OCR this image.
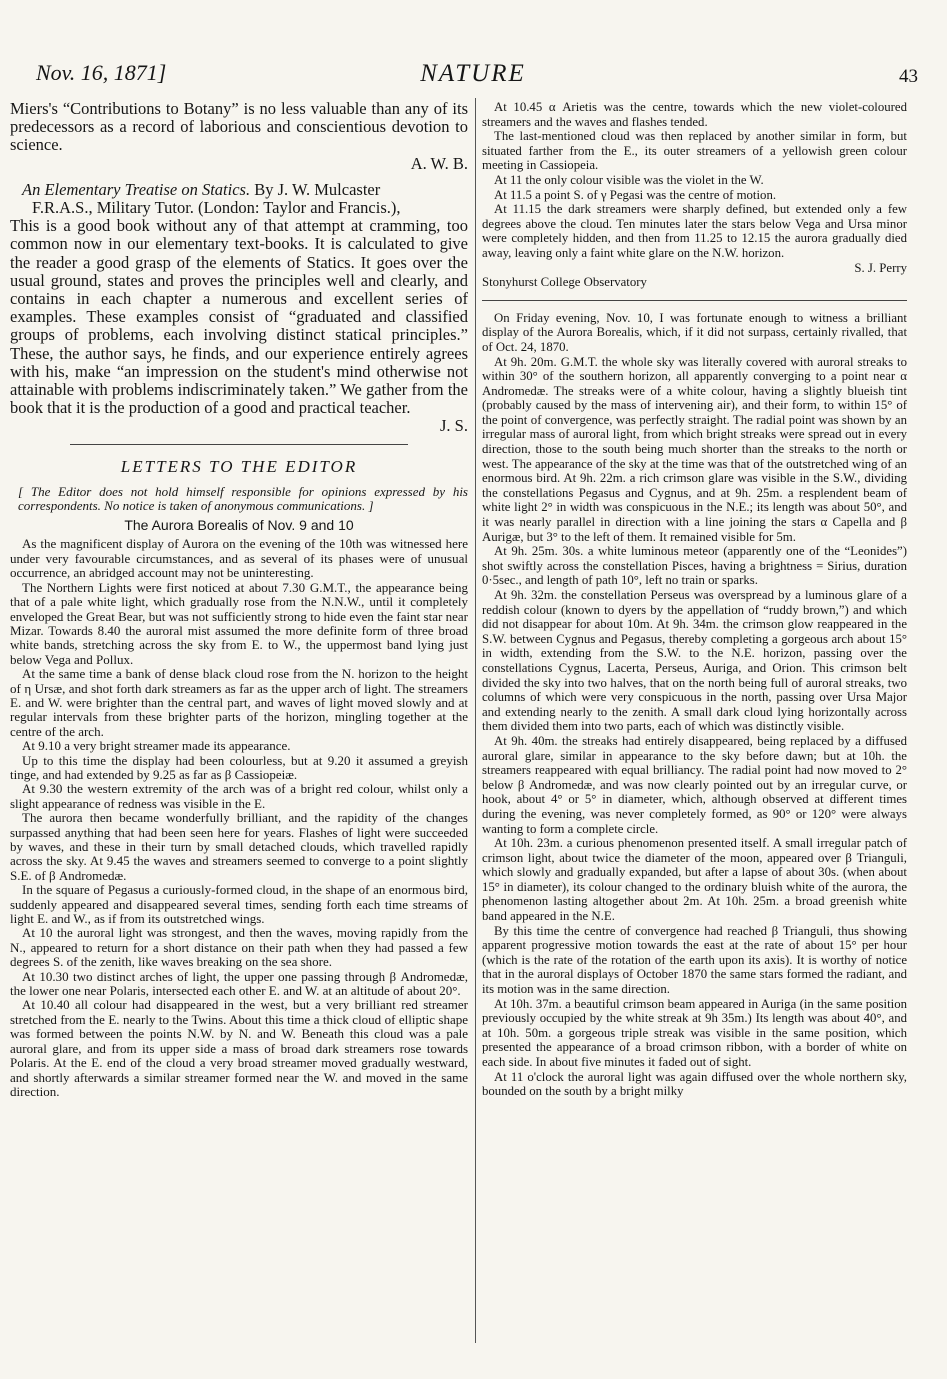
Nov. 16, 1871]	NATURE	43

Miers's “Contributions to Botany” is no less valuable than any of its predecessors as a record of laborious and conscientious devotion to science.

A. W. B.

An Elementary Treatise on Statics. By J. W. Mulcaster

F.R.A.S., Military Tutor. (London: Taylor and Francis.),

This is a good book without any of that attempt at cramming, too common now in our elementary text-books. It is calculated to give the reader a good grasp of the elements of Statics. It goes over the usual ground, states and proves the principles well and clearly, and contains in each chapter a numerous and excellent series of examples. These examples consist of “graduated and classified groups of problems, each involving distinct statical principles.” These, the author says, he finds, and our experience entirely agrees with his, make “an impression on the student's mind otherwise not attainable with problems indiscriminately taken.” We gather from the book that it is the production of a good and practical teacher.

J. S.

LETTERS TO THE EDITOR

[ The Editor does not hold himself responsible for opinions expressed by his correspondents. No notice is taken of anonymous communications. ]

The Aurora Borealis of Nov. 9 and 10

As the magnificent display of Aurora on the evening of the 10th was witnessed here under very favourable circumstances, and as several of its phases were of unusual occurrence, an abridged account may not be uninteresting.

The Northern Lights were first noticed at about 7.30 G.M.T., the appearance being that of a pale white light, which gradually rose from the N.N.W., until it completely enveloped the Great Bear, but was not sufficiently strong to hide even the faint star near Mizar. Towards 8.40 the auroral mist assumed the more definite form of three broad white bands, stretching across the sky from E. to W., the uppermost band lying just below Vega and Pollux.

At the same time a bank of dense black cloud rose from the N. horizon to the height of η Ursæ, and shot forth dark streamers as far as the upper arch of light. The streamers E. and W. were brighter than the central part, and waves of light moved slowly and at regular intervals from these brighter parts of the horizon, mingling together at the centre of the arch.

At 9.10 a very bright streamer made its appearance.

Up to this time the display had been colourless, but at 9.20 it assumed a greyish tinge, and had extended by 9.25 as far as β Cassiopeiæ.

At 9.30 the western extremity of the arch was of a bright red colour, whilst only a slight appearance of redness was visible in the E.

The aurora then became wonderfully brilliant, and the rapidity of the changes surpassed anything that had been seen here for years. Flashes of light were succeeded by waves, and these in their turn by small detached clouds, which travelled rapidly across the sky. At 9.45 the waves and streamers seemed to converge to a point slightly S.E. of β Andromedæ.

In the square of Pegasus a curiously-formed cloud, in the shape of an enormous bird, suddenly appeared and disappeared several times, sending forth each time streams of light E. and W., as if from its outstretched wings.

At 10 the auroral light was strongest, and then the waves, moving rapidly from the N., appeared to return for a short distance on their path when they had passed a few degrees S. of the zenith, like waves breaking on the sea shore.

At 10.30 two distinct arches of light, the upper one passing through β Andromedæ, the lower one near Polaris, intersected each other E. and W. at an altitude of about 20°.

At 10.40 all colour had disappeared in the west, but a very brilliant red streamer stretched from the E. nearly to the Twins. About this time a thick cloud of elliptic shape was formed between the points N.W. by N. and W. Beneath this cloud was a pale auroral glare, and from its upper side a mass of broad dark streamers rose towards Polaris. At the E. end of the cloud a very broad streamer moved gradually westward, and shortly afterwards a similar streamer formed near the W. and moved in the same direction.

At 10.45 α Arietis was the centre, towards which the new violet-coloured streamers and the waves and flashes tended.

The last-mentioned cloud was then replaced by another similar in form, but situated farther from the E., its outer streamers of a yellowish green colour meeting in Cassiopeia.

At 11 the only colour visible was the violet in the W.

At 11.5 a point S. of γ Pegasi was the centre of motion.

At 11.15 the dark streamers were sharply defined, but extended only a few degrees above the cloud. Ten minutes later the stars below Vega and Ursa minor were completely hidden, and then from 11.25 to 12.15 the aurora gradually died away, leaving only a faint white glare on the N.W. horizon.

S. J. Perry

Stonyhurst College Observatory

On Friday evening, Nov. 10, I was fortunate enough to witness a brilliant display of the Aurora Borealis, which, if it did not surpass, certainly rivalled, that of Oct. 24, 1870.

At 9h. 20m. G.M.T. the whole sky was literally covered with auroral streaks to within 30° of the southern horizon, all apparently converging to a point near α Andromedæ. The streaks were of a white colour, having a slightly blueish tint (probably caused by the mass of intervening air), and their form, to within 15° of the point of convergence, was perfectly straight. The radial point was shown by an irregular mass of auroral light, from which bright streaks were spread out in every direction, those to the south being much shorter than the streaks to the north or west. The appearance of the sky at the time was that of the outstretched wing of an enormous bird. At 9h. 22m. a rich crimson glare was visible in the S.W., dividing the constellations Pegasus and Cygnus, and at 9h. 25m. a resplendent beam of white light 2° in width was conspicuous in the N.E.; its length was about 50°, and it was nearly parallel in direction with a line joining the stars α Capella and β Aurigæ, but 3° to the left of them. It remained visible for 5m.

At 9h. 25m. 30s. a white luminous meteor (apparently one of the “Leonides”) shot swiftly across the constellation Pisces, having a brightness = Sirius, duration 0·5sec., and length of path 10°, left no train or sparks.

At 9h. 32m. the constellation Perseus was overspread by a luminous glare of a reddish colour (known to dyers by the appellation of “ruddy brown,”) and which did not disappear for about 10m. At 9h. 34m. the crimson glow reappeared in the S.W. between Cygnus and Pegasus, thereby completing a gorgeous arch about 15° in width, extending from the S.W. to the N.E. horizon, passing over the constellations Cygnus, Lacerta, Perseus, Auriga, and Orion. This crimson belt divided the sky into two halves, that on the north being full of auroral streaks, two columns of which were very conspicuous in the north, passing over Ursa Major and extending nearly to the zenith. A small dark cloud lying horizontally across them divided them into two parts, each of which was distinctly visible.

At 9h. 40m. the streaks had entirely disappeared, being replaced by a diffused auroral glare, similar in appearance to the sky before dawn; but at 10h. the streamers reappeared with equal brilliancy. The radial point had now moved to 2° below β Andromedæ, and was now clearly pointed out by an irregular curve, or hook, about 4° or 5° in diameter, which, although observed at different times during the evening, was never completely formed, as 90° or 120° were always wanting to form a complete circle.

At 10h. 23m. a curious phenomenon presented itself. A small irregular patch of crimson light, about twice the diameter of the moon, appeared over β Trianguli, which slowly and gradually expanded, but after a lapse of about 30s. (when about 15° in diameter), its colour changed to the ordinary bluish white of the aurora, the phenomenon lasting altogether about 2m. At 10h. 25m. a broad greenish white band appeared in the N.E.

By this time the centre of convergence had reached β Trianguli, thus showing apparent progressive motion towards the east at the rate of about 15° per hour (which is the rate of the rotation of the earth upon its axis). It is worthy of notice that in the auroral displays of October 1870 the same stars formed the radiant, and its motion was in the same direction.

At 10h. 37m. a beautiful crimson beam appeared in Auriga (in the same position previously occupied by the white streak at 9h 35m.) Its length was about 40°, and at 10h. 50m. a gorgeous triple streak was visible in the same position, which presented the appearance of a broad crimson ribbon, with a border of white on each side. In about five minutes it faded out of sight.

At 11 o'clock the auroral light was again diffused over the whole northern sky, bounded on the south by a bright milky
